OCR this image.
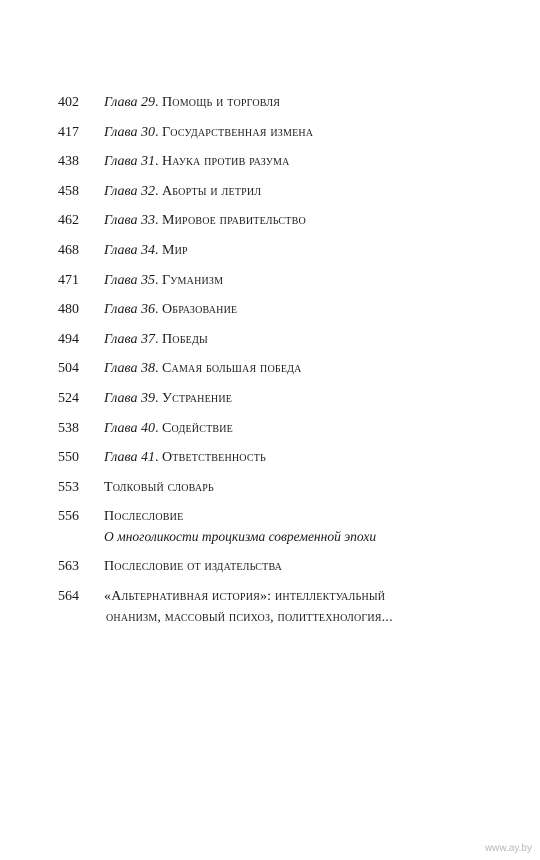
402	Глава 29. Помощь и торговля
417	Глава 30. Государственная измена
438	Глава 31. Наука против разума
458	Глава 32. Аборты и летрил
462	Глава 33. Мировое правительство
468	Глава 34. Мир
471	Глава 35. Гуманизм
480	Глава 36. Образование
494	Глава 37. Победы
504	Глава 38. Самая большая победа
524	Глава 39. Устранение
538	Глава 40. Содействие
550	Глава 41. Ответственность
553	Толковый словарь
556	Послесловие
О многоликости троцкизма современной эпохи
563	Послесловие от издательства
564	«Альтернативная история»: интеллектуальный
онанизм, массовый психоз, политтехнология...
www.ay.by
